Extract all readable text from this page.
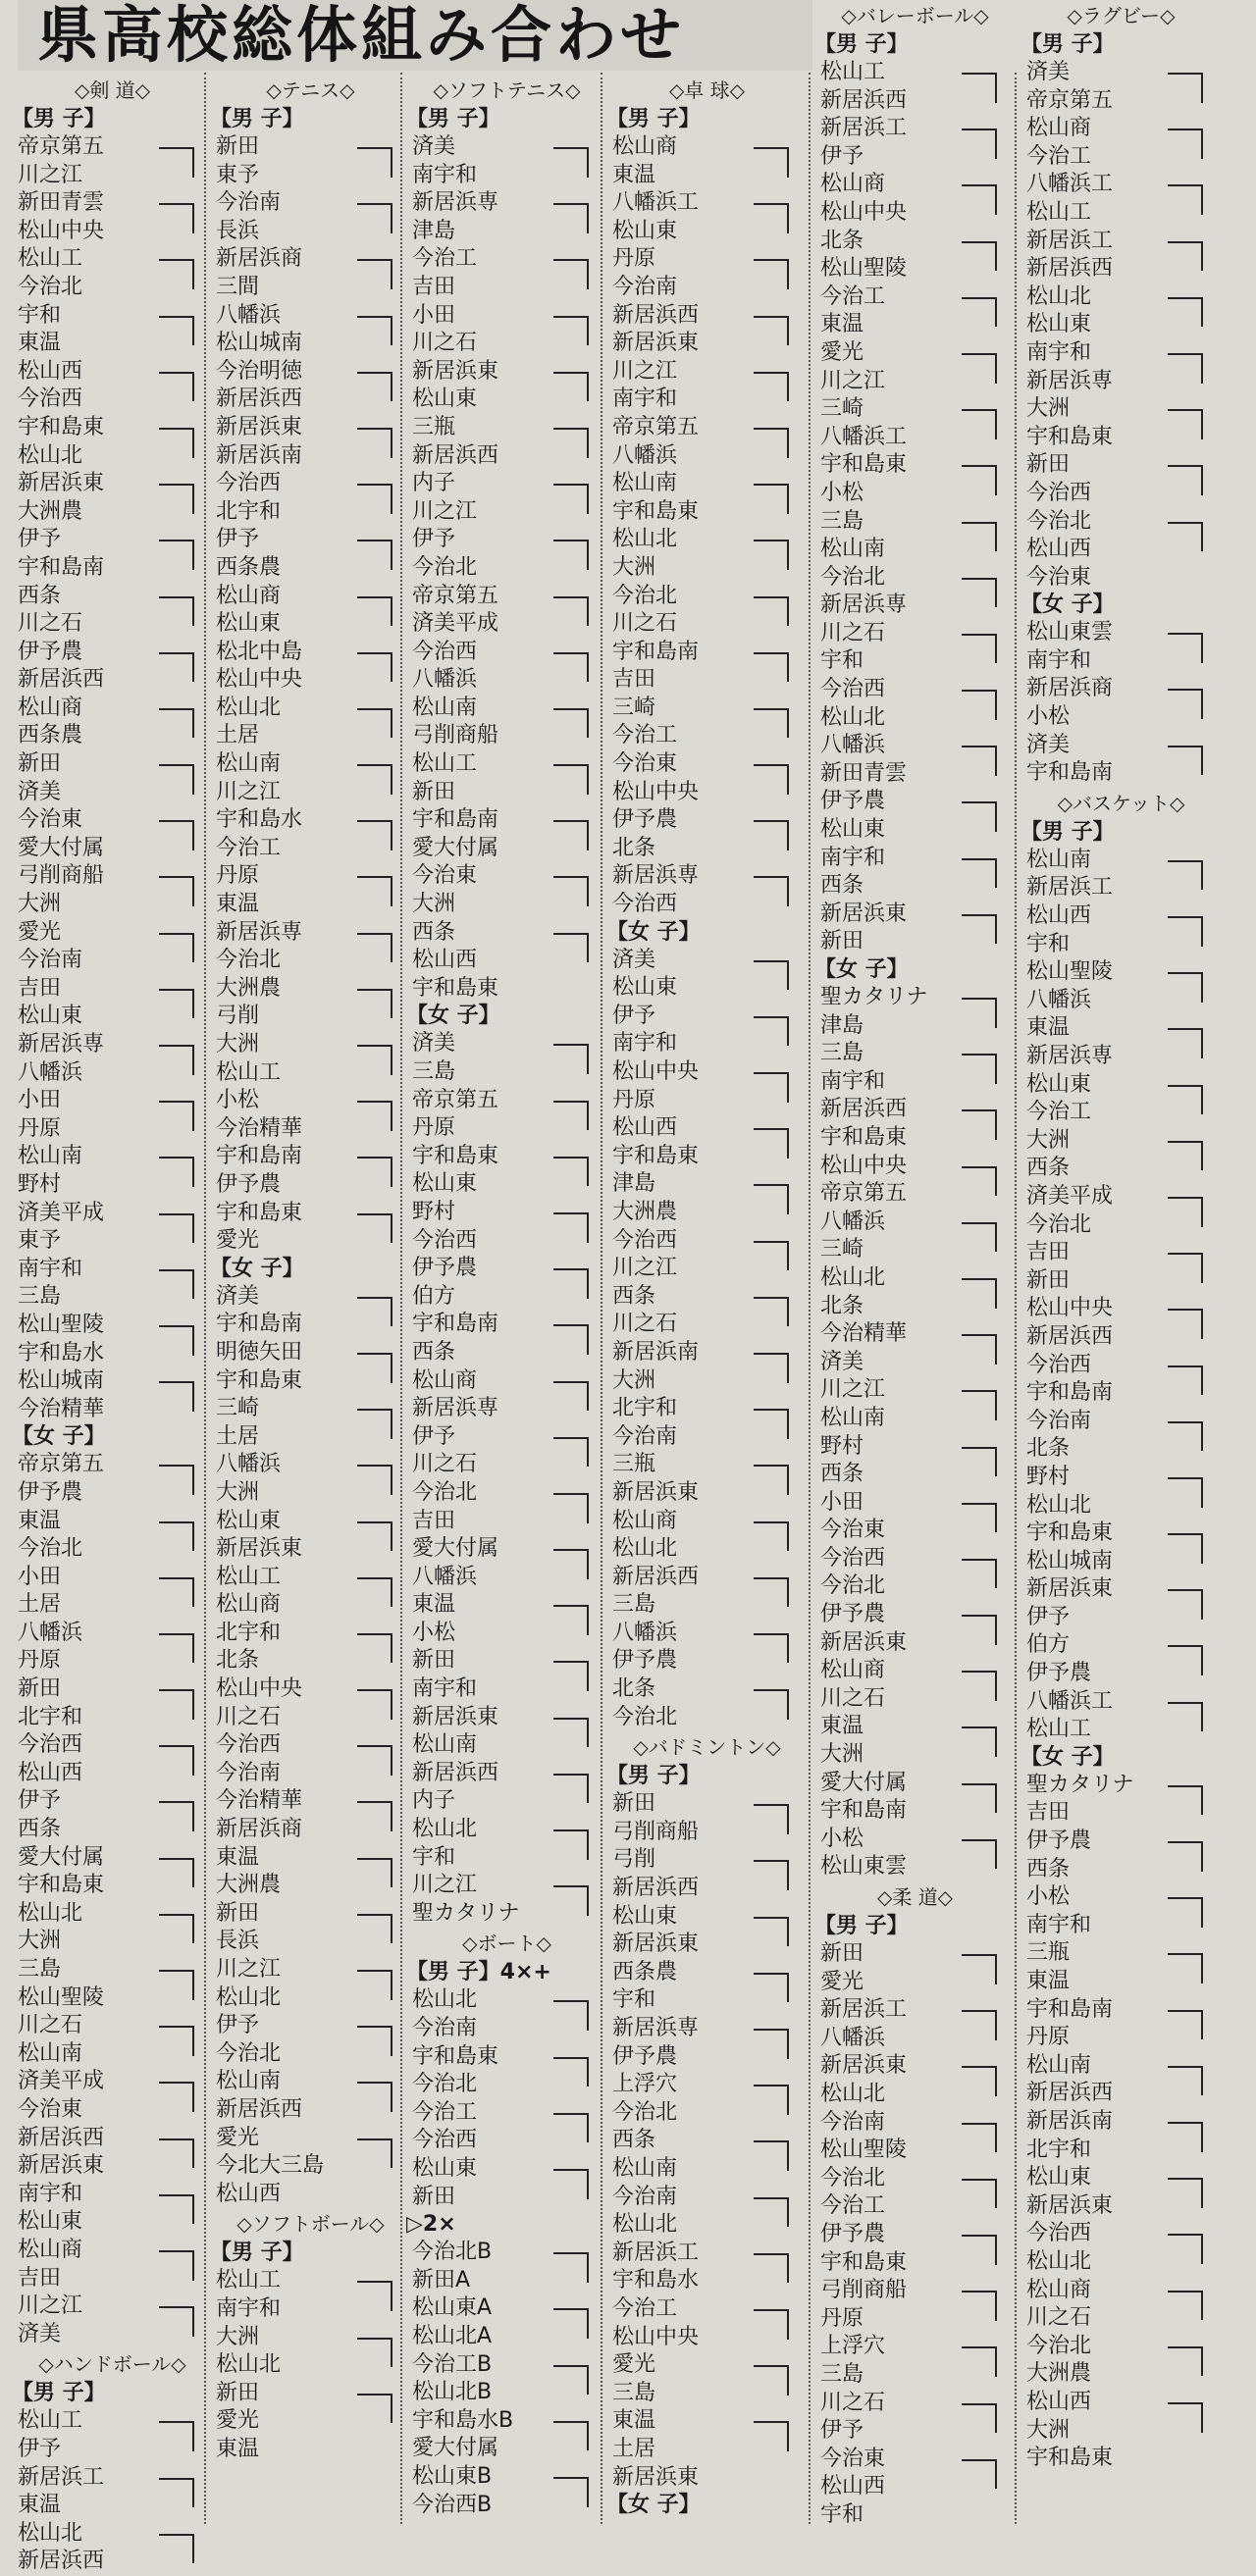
県高校総体組み合わせ
◇剣 道◇
【男 子】
帝京第五
川之江
新田青雲
松山中央
松山工
今治北
宇和
東温
松山西
今治西
宇和島東
松山北
新居浜東
大洲農
伊予
宇和島南
西条
川之石
伊予農
新居浜西
松山商
西条農
新田
済美
今治東
愛大付属
弓削商船
大洲
愛光
今治南
吉田
松山東
新居浜専
八幡浜
小田
丹原
松山南
野村
済美平成
東予
南宇和
三島
松山聖陵
宇和島水
松山城南
今治精華
【女 子】
帝京第五
伊予農
東温
今治北
小田
土居
八幡浜
丹原
新田
北宇和
今治西
松山西
伊予
西条
愛大付属
宇和島東
松山北
大洲
三島
松山聖陵
川之石
松山南
済美平成
今治東
新居浜西
新居浜東
南宇和
松山東
松山商
吉田
川之江
済美
◇ハンドボール◇
【男 子】
松山工
伊予
新居浜工
東温
松山北
新居浜西
◇テニス◇
【男 子】
新田
東予
今治南
長浜
新居浜商
三間
八幡浜
松山城南
今治明徳
新居浜西
新居浜東
新居浜南
今治西
北宇和
伊予
西条農
松山商
松山東
松北中島
松山中央
松山北
土居
松山南
川之江
宇和島水
今治工
丹原
東温
新居浜専
今治北
大洲農
弓削
大洲
松山工
小松
今治精華
宇和島南
伊予農
宇和島東
愛光
【女 子】
済美
宇和島南
明徳矢田
宇和島東
三崎
土居
八幡浜
大洲
松山東
新居浜東
松山工
松山商
北宇和
北条
松山中央
川之石
今治西
今治南
今治精華
新居浜商
東温
大洲農
新田
長浜
川之江
松山北
伊予
今治北
松山南
新居浜西
愛光
今北大三島
松山西
◇ソフトボール◇
【男 子】
松山工
南宇和
大洲
松山北
新田
愛光
東温
◇ソフトテニス◇
【男 子】
済美
南宇和
新居浜専
津島
今治工
吉田
小田
川之石
新居浜東
松山東
三瓶
新居浜西
内子
川之江
伊予
今治北
帝京第五
済美平成
今治西
八幡浜
松山南
弓削商船
松山工
新田
宇和島南
愛大付属
今治東
大洲
西条
松山西
宇和島東
【女 子】
済美
三島
帝京第五
丹原
宇和島東
松山東
野村
今治西
伊予農
伯方
宇和島南
西条
松山商
新居浜専
伊予
川之石
今治北
吉田
愛大付属
八幡浜
東温
小松
新田
南宇和
新居浜東
松山南
新居浜西
内子
松山北
宇和
川之江
聖カタリナ
◇ボート◇
【男 子】4×+
松山北
今治南
宇和島東
今治北
今治工
今治西
松山東
新田
▷2×
今治北B
新田A
松山東A
松山北A
今治工B
松山北B
宇和島水B
愛大付属
松山東B
今治西B
◇卓 球◇
【男 子】
松山商
東温
八幡浜工
松山東
丹原
今治南
新居浜西
新居浜東
川之江
南宇和
帝京第五
八幡浜
松山南
宇和島東
松山北
大洲
今治北
川之石
宇和島南
吉田
三崎
今治工
今治東
松山中央
伊予農
北条
新居浜専
今治西
【女 子】
済美
松山東
伊予
南宇和
松山中央
丹原
松山西
宇和島東
津島
大洲農
今治西
川之江
西条
川之石
新居浜南
大洲
北宇和
今治南
三瓶
新居浜東
松山商
松山北
新居浜西
三島
八幡浜
伊予農
北条
今治北
◇バドミントン◇
【男 子】
新田
弓削商船
弓削
新居浜西
松山東
新居浜東
西条農
宇和
新居浜専
伊予農
上浮穴
今治北
西条
松山南
今治南
松山北
新居浜工
宇和島水
今治工
松山中央
愛光
三島
東温
土居
新居浜東
【女 子】
◇バレーボール◇
【男 子】
松山工
新居浜西
新居浜工
伊予
松山商
松山中央
北条
松山聖陵
今治工
東温
愛光
川之江
三崎
八幡浜工
宇和島東
小松
三島
松山南
今治北
新居浜専
川之石
宇和
今治西
松山北
八幡浜
新田青雲
伊予農
松山東
南宇和
西条
新居浜東
新田
【女 子】
聖カタリナ
津島
三島
南宇和
新居浜西
宇和島東
松山中央
帝京第五
八幡浜
三崎
松山北
北条
今治精華
済美
川之江
松山南
野村
西条
小田
今治東
今治西
今治北
伊予農
新居浜東
松山商
川之石
東温
大洲
愛大付属
宇和島南
小松
松山東雲
◇柔 道◇
【男 子】
新田
愛光
新居浜工
八幡浜
新居浜東
松山北
今治南
松山聖陵
今治北
今治工
伊予農
宇和島東
弓削商船
丹原
上浮穴
三島
川之石
伊予
今治東
松山西
宇和
◇ラグビー◇
【男 子】
済美
帝京第五
松山商
今治工
八幡浜工
松山工
新居浜工
新居浜西
松山北
松山東
南宇和
新居浜専
大洲
宇和島東
新田
今治西
今治北
松山西
今治東
【女 子】
松山東雲
南宇和
新居浜商
小松
済美
宇和島南
◇バスケット◇
【男 子】
松山南
新居浜工
松山西
宇和
松山聖陵
八幡浜
東温
新居浜専
松山東
今治工
大洲
西条
済美平成
今治北
吉田
新田
松山中央
新居浜西
今治西
宇和島南
今治南
北条
野村
松山北
宇和島東
松山城南
新居浜東
伊予
伯方
伊予農
八幡浜工
松山工
【女 子】
聖カタリナ
吉田
伊予農
西条
小松
南宇和
三瓶
東温
宇和島南
丹原
松山南
新居浜西
新居浜南
北宇和
松山東
新居浜東
今治西
松山北
松山商
川之石
今治北
大洲農
松山西
大洲
宇和島東
